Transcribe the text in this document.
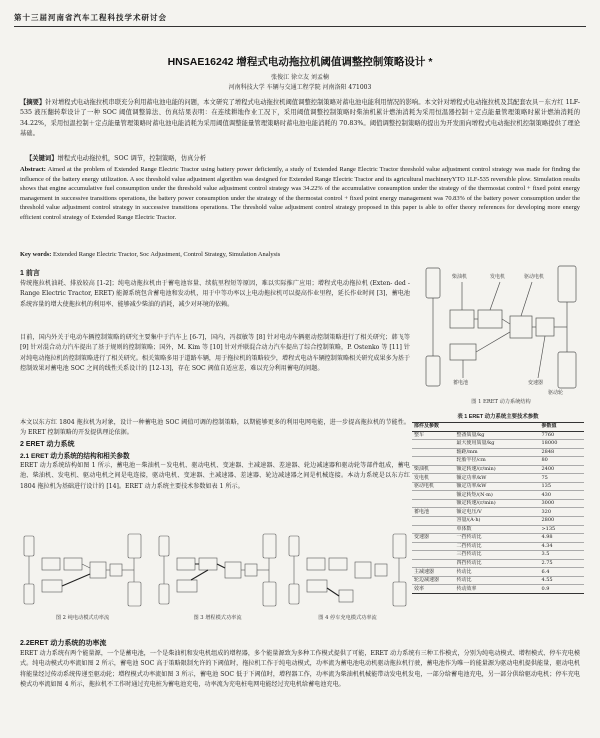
第十三届河南省汽车工程科技学术研讨会
HNSAE16242 增程式电动拖拉机阈值调整控制策略设计 *
张俊江 徐立友 刘孟楠
河南科技大学 车辆与交通工程学院 河南洛阳 471003
【摘要】针对增程式电动拖拉机串联充分利用蓄电池电能的问题，本文研究了增程式电动拖拉机阈值调整控制策略对蓄电池电能利用情况的影响。本文针对增程式电动拖拉机及其配套农具－东方红 1LF-535 液压翻转犁设计了一种 SOC 阈值调整算法、仿真结果表明：在连续耕地作业工况下，采用阈值调整控制策略时柴油机累计燃油消耗为采用恒温器控制＋定点能量管理策略时累计燃油消耗的 34.22%，采用恒温控制＋定点能量管理策略时蓄电池电能消耗为采用阈值调整能量管理策略时蓄电池电能消耗的 70.83%。阈值调整控制策略的提出为开发面向增程式电动拖拉机控制策略提供了理论基础。
【关键词】增程式电动拖拉机，SOC 调节，控制策略，仿真分析
Abstract: Aimed at the problem of Extended Range Electric Tractor using battery power deficiently, a study of Extended Range Electric Tractor threshold value adjustment control strategy was made for finding the influence of the battery energy utilization. A soc threshold value adjustment algorithm was designed for Extended Range Electric Tractor and its agricultural machineryYTO 1LF-535 reversible plow. Simulation results shows that engine accumulative fuel consumption under the threshold value adjustment control strategy was 34.22% of the accumulative consumption under the strategy of the thermostat control + fixed point energy management in successive transitions operations, the battery power consumption under the strategy of the thermostat control + fixed point energy management was 70.83% of the battery power consumption under the threshold value adjustment control strategy in successive transitions operations. The threshold value adjustment control strategy proposed in this paper is able to offer theory references for developing more energy efficient control strategy of Extended Range Electric Tractor.
Key words: Extended Range Electric Tractor, Soc Adjustment, Control Strategy, Simulation Analysis
1 前言
传统拖拉机油耗、排放较高 [1-2]；纯电动拖拉机由于蓄电池容量、续航里程短等原因，难以实际推广应用；增程式电动拖拉机 (Exten- ded -Range Electric Tractor, ERET) 能源系统包含蓄电池和发动机，用于中等功率以上电动拖拉机可以提高作业里程，延长作业时间 [3]，蓄电池系统容量的增大使拖拉机的利用率、能够减少柴油的消耗，减少对环境的依赖。
目前，国内外关于电动车辆控制策略的研究主要集中于汽车上 [6-7]，国内，冯叔敏等 [8] 针对电动车辆驱动控制策略进行了相关研究；韩飞等 [9] 针对混合动力汽车提出了基于规则的控制策略；国外，M. Kim 等 [10] 针对并联混合动力汽车提出了综合控制策略，P. Ostenko 等 [11] 针对纯电动拖拉机的控制策略进行了相关研究。相关策略多用于道路车辆，用于拖拉机的策略较少，增程式电动车辆控制策略相关研究成果多为基于控制效果对蓄电池 SOC 之间的线性关系设计的 [12-13]，存在 SOC 阈值自适应差，难以充分利用蓄电的问题。
本文以东方红 1804 拖拉机为对象，设计一种蓄电池 SOC 阈值可调的控制策略，以期能够更多的利用电网电能，进一步提高拖拉机的节能性。为 ERET 控制策略的开发提供理论依据。
2 ERET 动力系统
2.1 ERET 动力系统的结构和相关参数
ERET 动力系统结构如图 1 所示，蓄电池－柴油机－发电机、驱动电机、变速器、主减速器、差速器、轮边减速器和驱动轮等部件组成，蓄电池、柴油机、发电机、驱动电机之间是电连接，驱动电机、变速器、主减速器、差速器、轮边减速器之间是机械连接。本动力系统是以东方红 1804 拖拉机为基础进行设计的 [14]。ERET 动力系统主要技术参数如表 1 所示。
柴油机	发电机	驱动电机
蓄电池	变速器
驱动轮
图 1 ERET 动力系统结构
表 1 ERET 动力系统主要技术参数
部件及参数		参数值
整车	整备质量/kg	7760
	最大使用质量/kg	18000
	轴距/mm	2848
	轮胎半径/cm	80
柴油机	额定转速/(r/min)	2400
发电机	额定功率/kW	75
驱动电机	额定功率/kW	135
	额定转矩/(N·m)	430
	额定转速/(r/min)	3000
蓄电池	额定电压/V	320
	容量/(A·h)	2800
	单体数	>135
变速器	一挡传动比	4.98
	二挡传动比	4.34
	三挡传动比	3.5
	四挡传动比	2.75
主减速器	传动比	6.4
轮边减速器	传动比	4.55
效率	传动效率	0.9
图 2 纯电动模式功率流	图 3 增程模式功率流	图 4 停车充电模式功率流
2.2ERET 动力系统的功率流
ERET 动力系统有两个能量源，一个是蓄电池，一个是柴油机和发电机组成的增程器，多个能量源致为多种工作模式提供了可能，ERET 动力系统有三种工作模式，分别为纯电动模式、增程模式、停车充电模式。纯电动模式功率流如图 2 所示，蓄电池 SOC 高于策略限制允许的下阈值时，拖拉机工作于纯电动模式，功率流为蓄电池电动机驱动拖拉机行驶，蓄电池作为唯一的能量源为驱动电机提供能量，驱动电机将能量经过传动系统传递至驱动轮；增程模式功率流如图 3 所示，蓄电池 SOC 低于下阈值时，增程器工作，功率流为柴油机机械能带动发电机发电，一部分给蓄电池充电，另一部分供给驱动电机；停车充电模式功率流如图 4 所示，拖拉机不工作时通过充电桩为蓄电池充电，功率流为充电桩电网电能经过充电机给蓄电池充电。
